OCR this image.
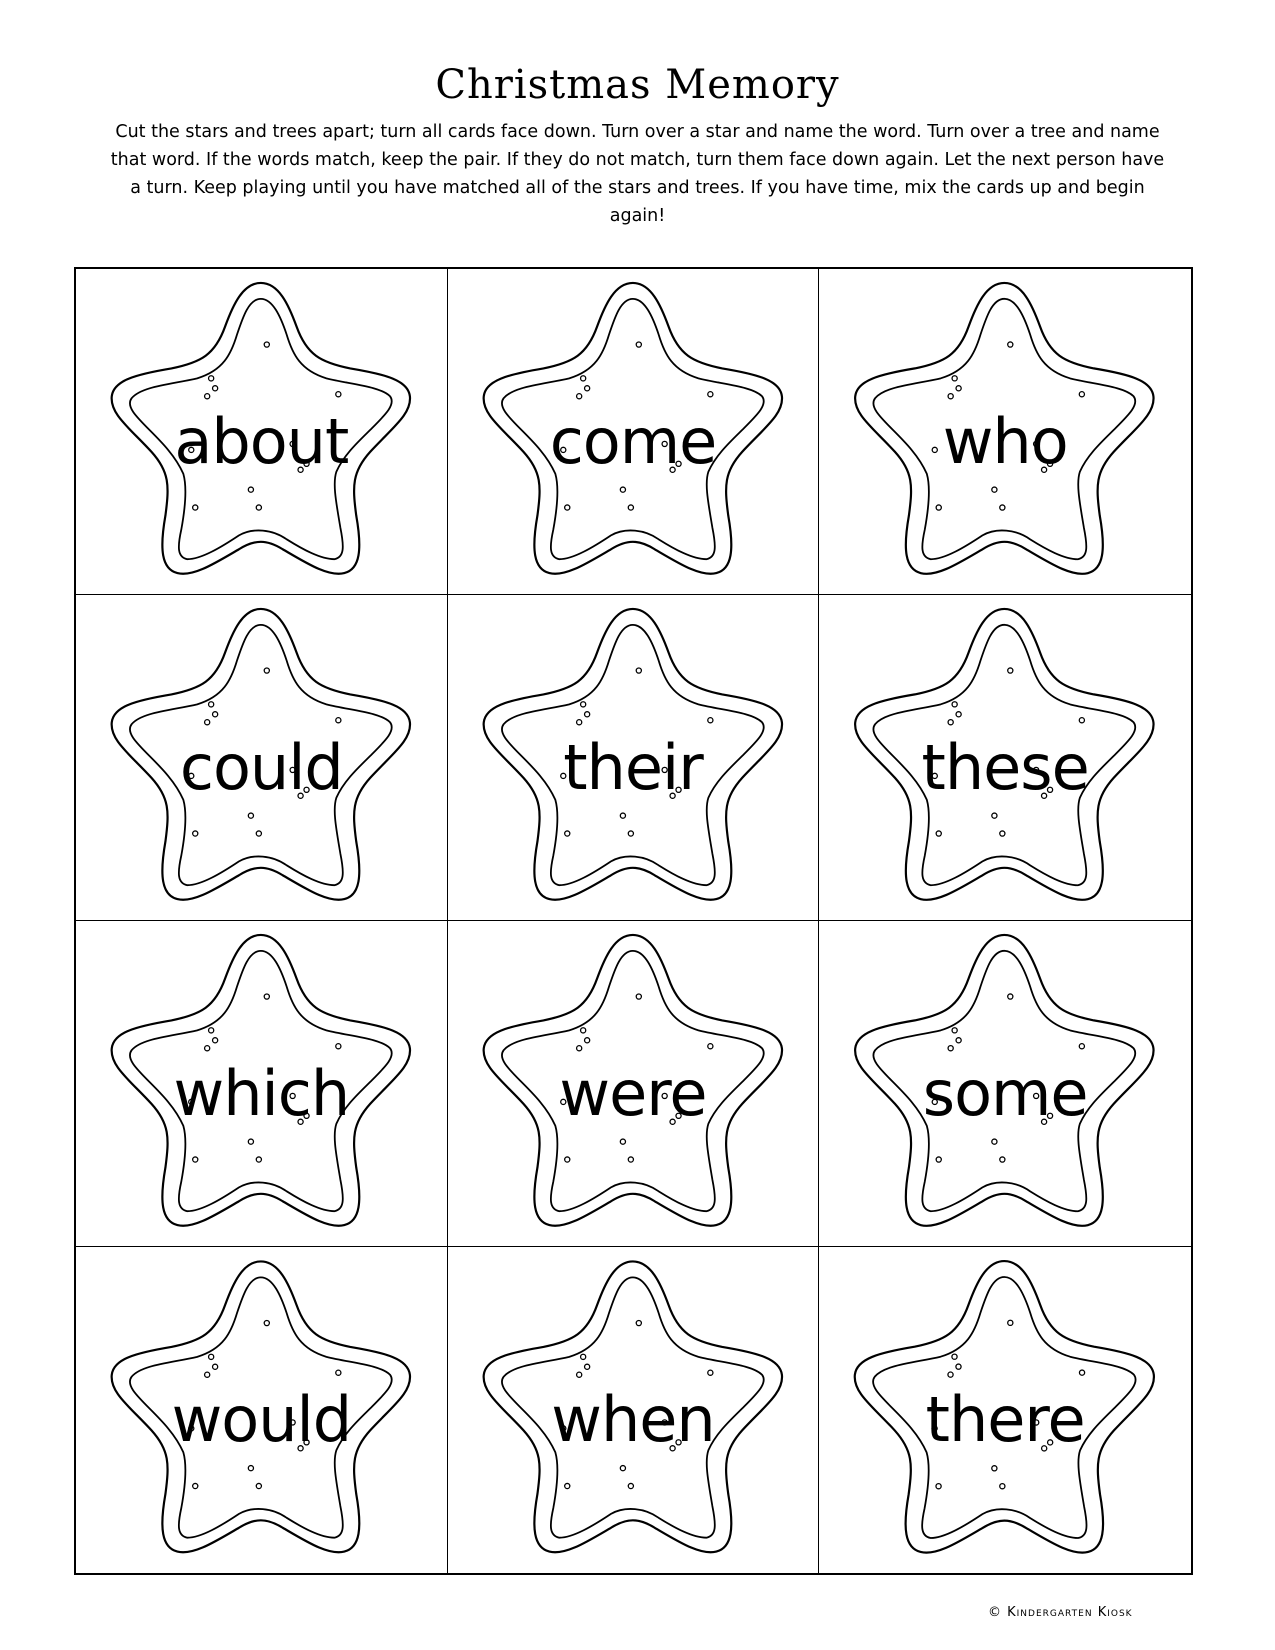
Christmas Memory
Cut the stars and trees apart; turn all cards face down. Turn over a star and name the word. Turn over a tree and name that word. If the words match, keep the pair. If they do not match, turn them face down again. Let the next person have a turn. Keep playing until you have matched all of the stars and trees. If you have time, mix the cards up and begin again!
about	come	who
could	their	these
which	were	some
would	when	there
© Kindergarten Kiosk
